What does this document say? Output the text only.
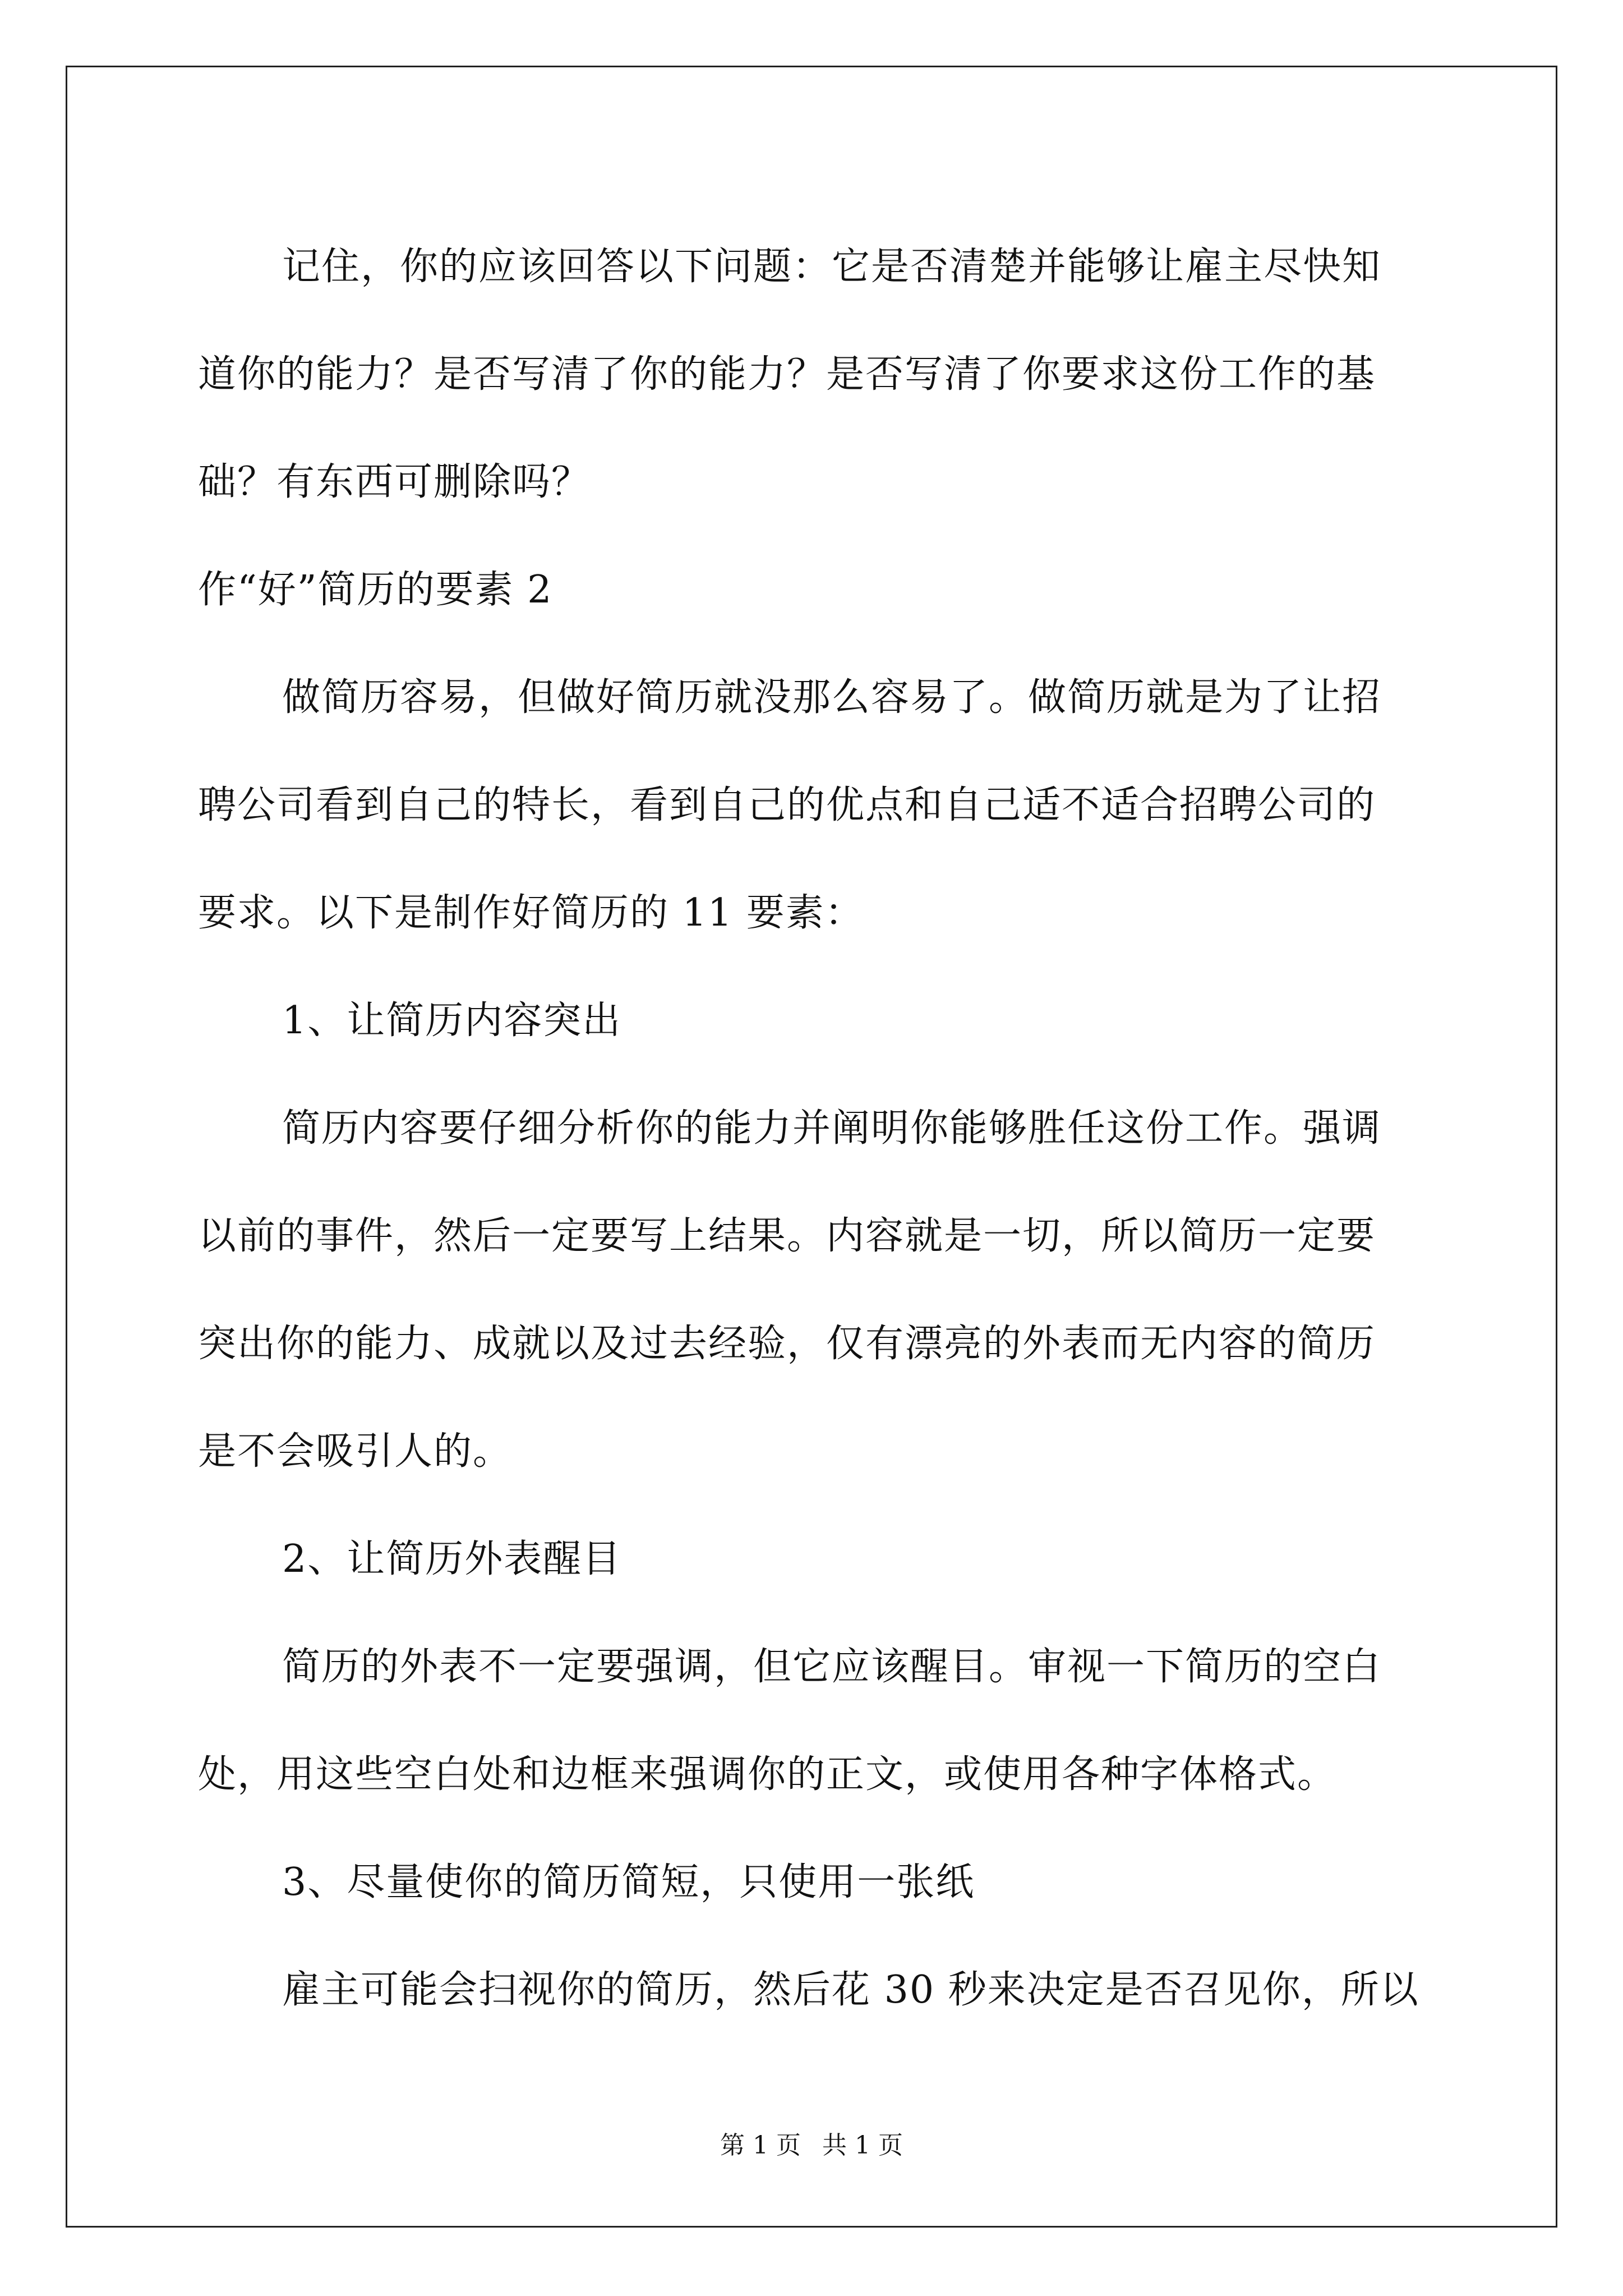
记住，你的应该回答以下问题：它是否清楚并能够让雇主尽快知
道你的能力？是否写清了你的能力？是否写清了你要求这份工作的基
础？有东西可删除吗？
作“好”简历的要素 2
做简历容易，但做好简历就没那么容易了。做简历就是为了让招
聘公司看到自己的特长，看到自己的优点和自己适不适合招聘公司的
要求。以下是制作好简历的 11 要素：
1、让简历内容突出
简历内容要仔细分析你的能力并阐明你能够胜任这份工作。强调
以前的事件，然后一定要写上结果。内容就是一切，所以简历一定要
突出你的能力、成就以及过去经验，仅有漂亮的外表而无内容的简历
是不会吸引人的。
2、让简历外表醒目
简历的外表不一定要强调，但它应该醒目。审视一下简历的空白
处，用这些空白处和边框来强调你的正文，或使用各种字体格式。
3、尽量使你的简历简短，只使用一张纸
雇主可能会扫视你的简历，然后花 30 秒来决定是否召见你，所以
第 1 页 共 1 页
